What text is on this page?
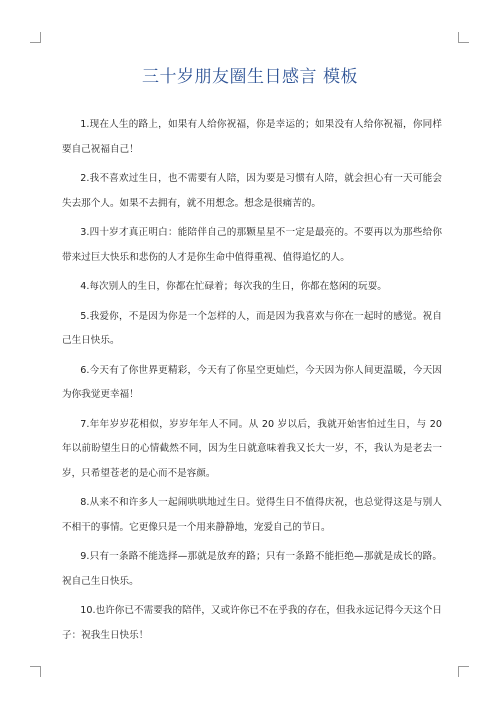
三十岁朋友圈生日感言 模板

1.现在人生的路上，如果有人给你祝福，你是幸运的；如果没有人给你祝福，你同样要自己祝福自己！

2.我不喜欢过生日，也不需要有人陪，因为要是习惯有人陪，就会担心有一天可能会失去那个人。如果不去拥有，就不用想念。想念是很痛苦的。

3.四十岁才真正明白：能陪伴自己的那颗星星不一定是最亮的。不要再以为那些给你带来过巨大快乐和悲伤的人才是你生命中值得重视、值得追忆的人。

4.每次别人的生日，你都在忙碌着；每次我的生日，你都在悠闲的玩耍。

5.我爱你，不是因为你是一个怎样的人，而是因为我喜欢与你在一起时的感觉。祝自己生日快乐。

6.今天有了你世界更精彩，今天有了你星空更灿烂，今天因为你人间更温暖，今天因为你我觉更幸福！

7.年年岁岁花相似，岁岁年年人不同。从 20 岁以后，我就开始害怕过生日，与 20 年以前盼望生日的心情截然不同，因为生日就意味着我又长大一岁，不，我认为是老去一岁，只希望苍老的是心而不是容颜。

8.从来不和许多人一起闹哄哄地过生日。觉得生日不值得庆祝，也总觉得这是与别人不相干的事情。它更像只是一个用来静静地，宠爱自己的节日。

9.只有一条路不能选择—那就是放弃的路；只有一条路不能拒绝—那就是成长的路。祝自己生日快乐。

10.也许你已不需要我的陪伴，又或许你已不在乎我的存在，但我永远记得今天这个日子：祝我生日快乐！
